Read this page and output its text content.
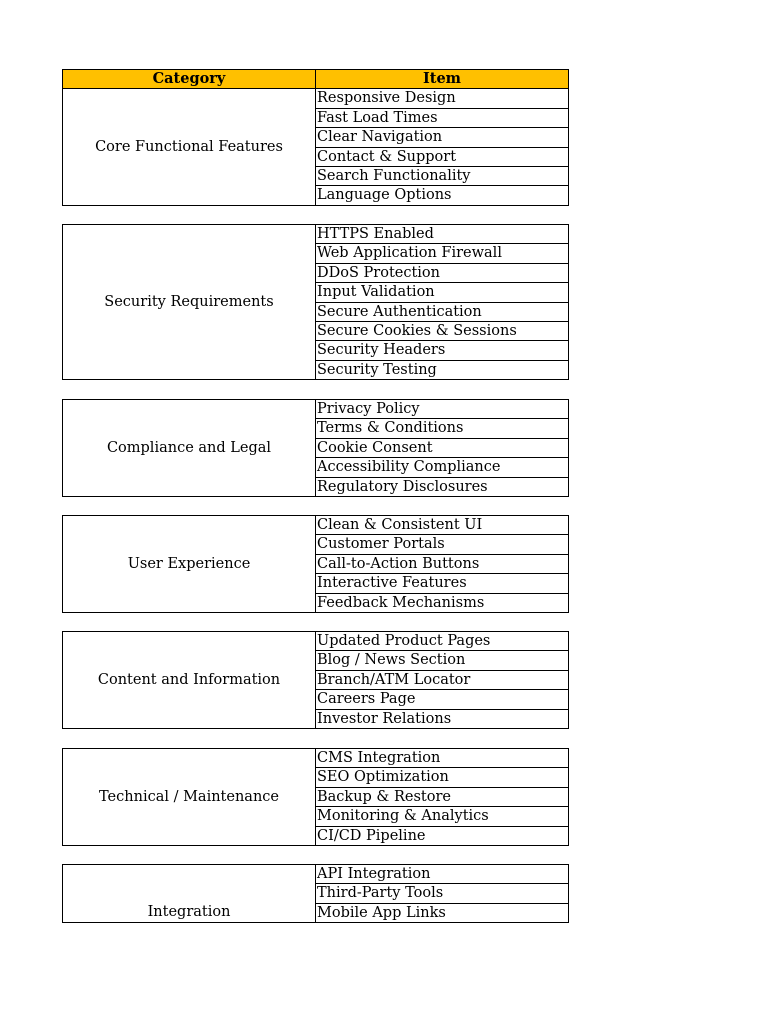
Category	Item
Core Functional Features	Responsive Design
	Fast Load Times
	Clear Navigation
	Contact & Support
	Search Functionality
	Language Options
Security Requirements	HTTPS Enabled
Web Application Firewall
DDoS Protection
Input Validation
Secure Authentication
Secure Cookies & Sessions
Security Headers
Security Testing
Compliance and Legal	Privacy Policy
Terms & Conditions
Cookie Consent
Accessibility Compliance
Regulatory Disclosures
User Experience	Clean & Consistent UI
Customer Portals
Call-to-Action Buttons
Interactive Features
Feedback Mechanisms
Content and Information	Updated Product Pages
Blog / News Section
Branch/ATM Locator
Careers Page
Investor Relations
Technical / Maintenance	CMS Integration
SEO Optimization
Backup & Restore
Monitoring & Analytics
CI/CD Pipeline
Integration	API Integration
Third-Party Tools
Mobile App Links
